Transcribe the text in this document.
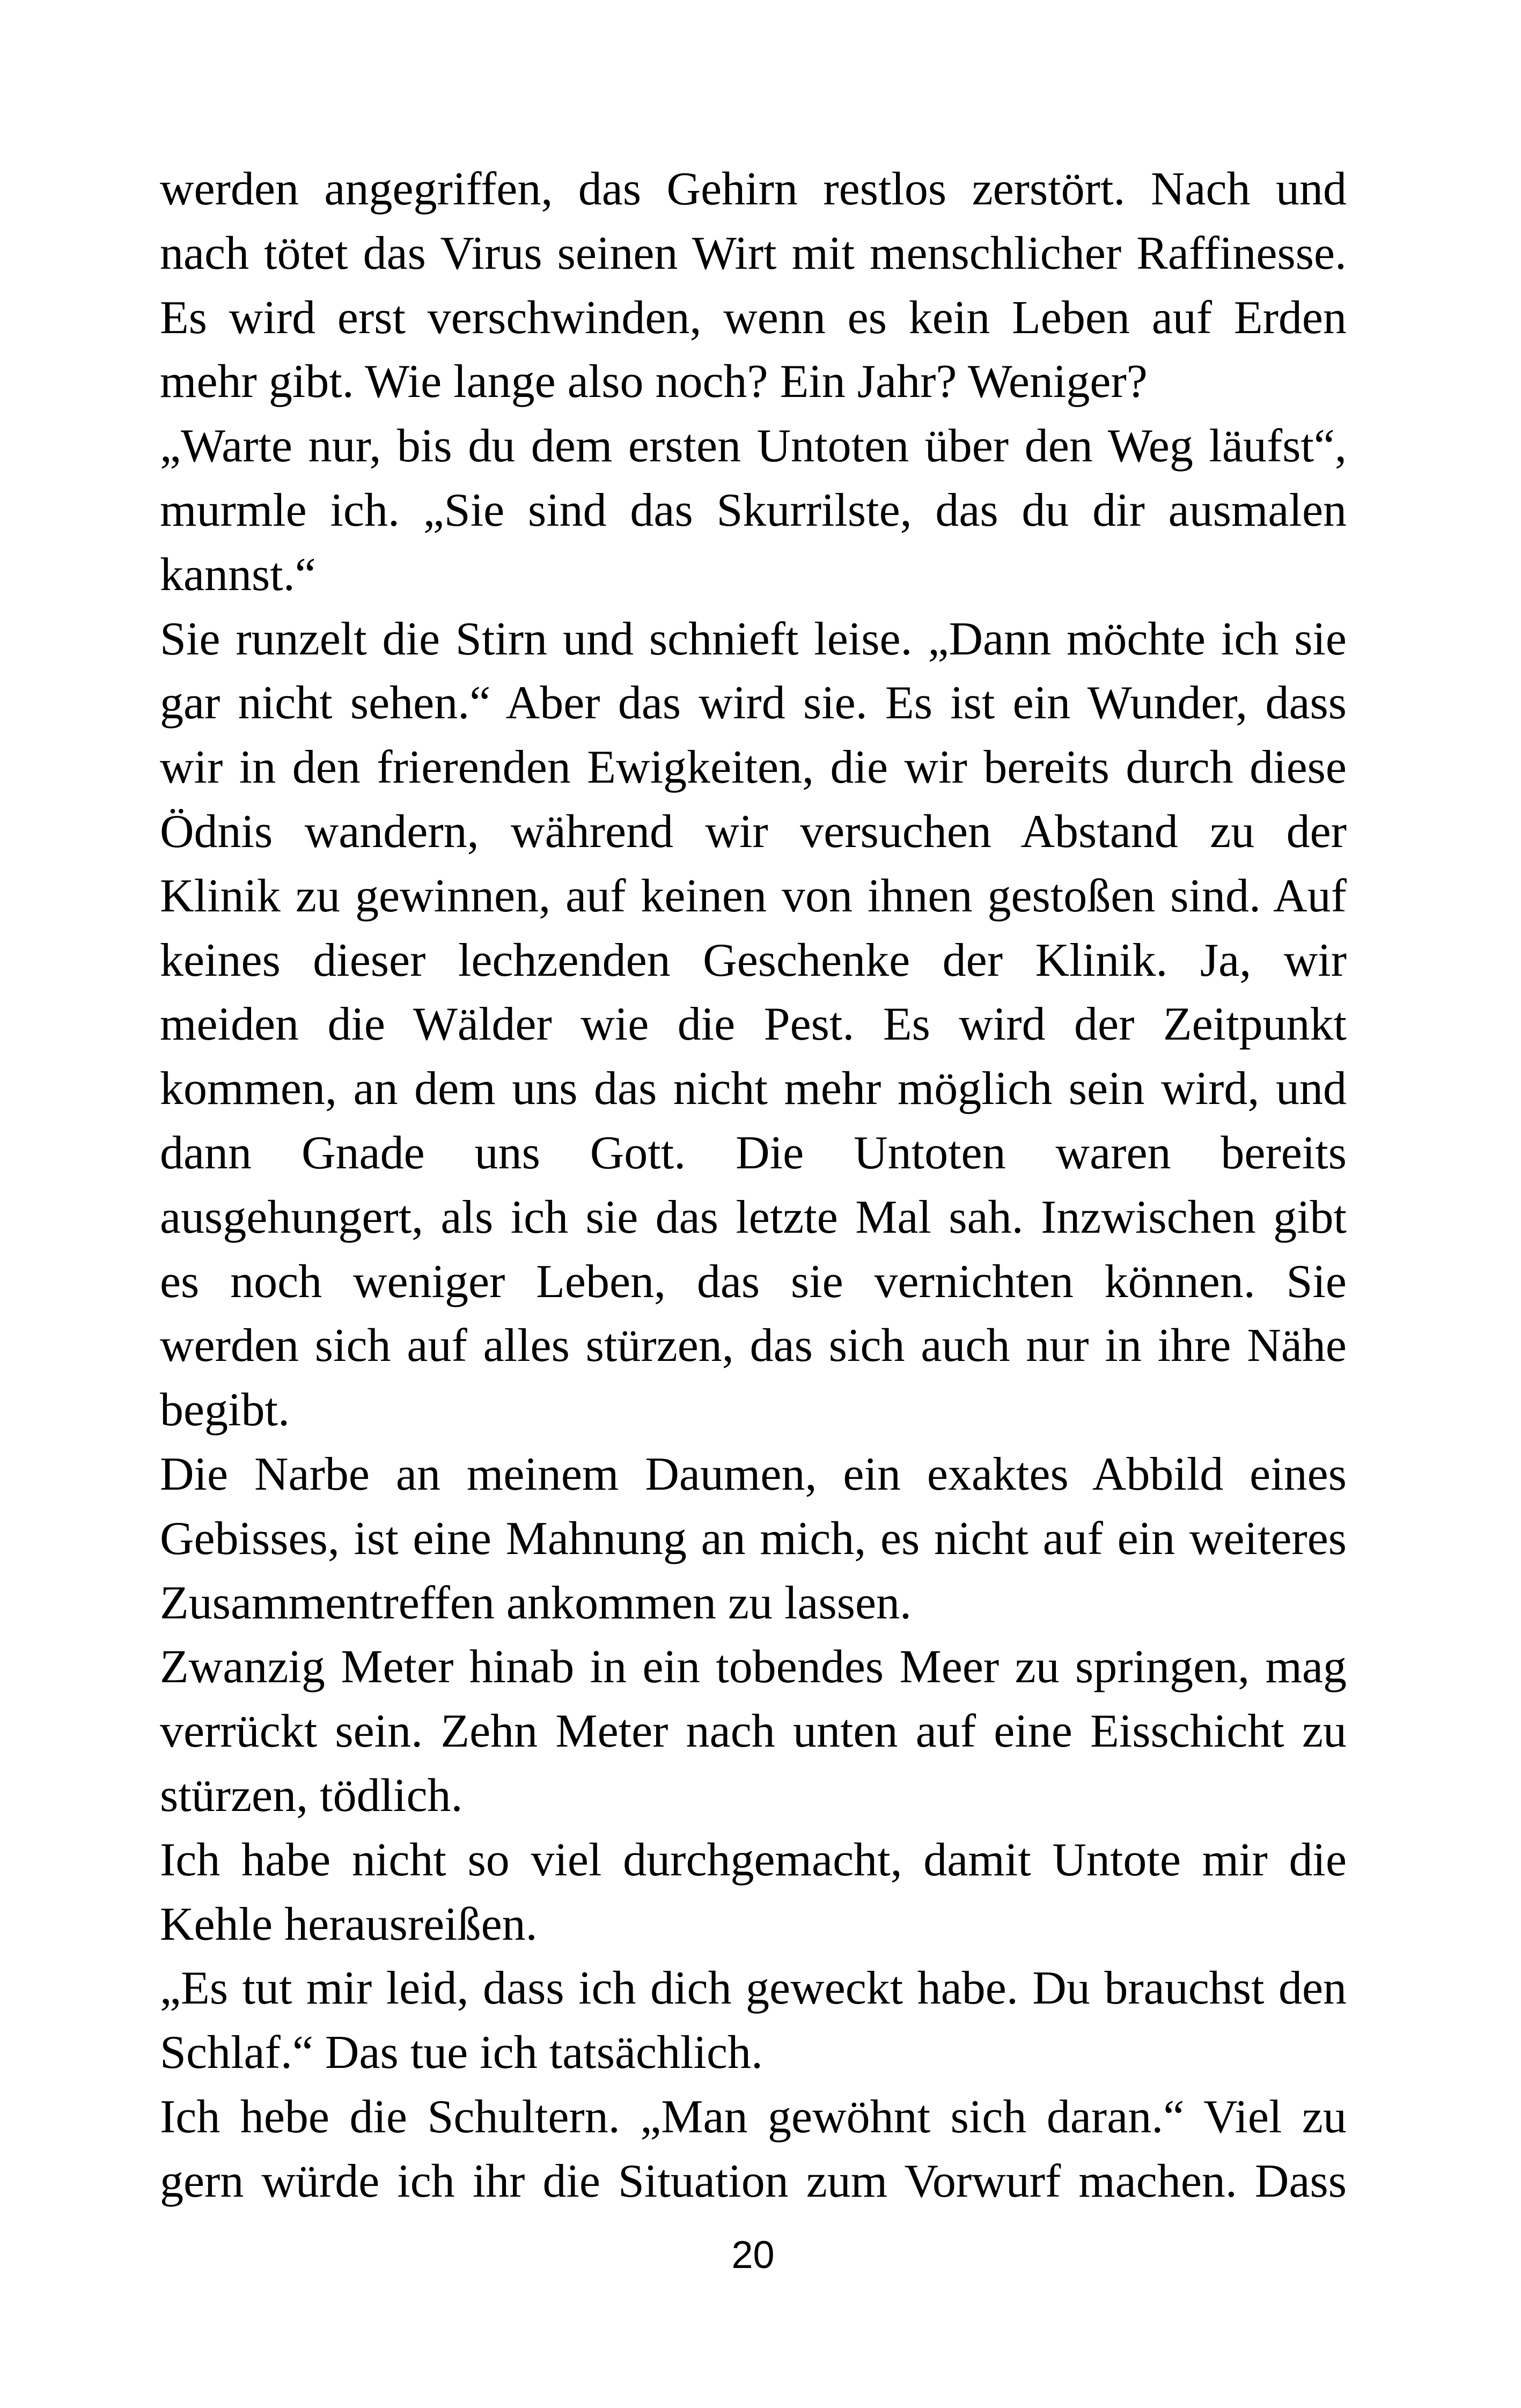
werden angegriffen, das Gehirn restlos zerstört. Nach und
nach tötet das Virus seinen Wirt mit menschlicher Raffinesse.
Es wird erst verschwinden, wenn es kein Leben auf Erden
mehr gibt. Wie lange also noch? Ein Jahr? Weniger?
„Warte nur, bis du dem ersten Untoten über den Weg läufst“,
murmle ich. „Sie sind das Skurrilste, das du dir ausmalen
kannst.“
Sie runzelt die Stirn und schnieft leise. „Dann möchte ich sie
gar nicht sehen.“ Aber das wird sie. Es ist ein Wunder, dass
wir in den frierenden Ewigkeiten, die wir bereits durch diese
Ödnis wandern, während wir versuchen Abstand zu der
Klinik zu gewinnen, auf keinen von ihnen gestoßen sind. Auf
keines dieser lechzenden Geschenke der Klinik. Ja, wir
meiden die Wälder wie die Pest. Es wird der Zeitpunkt
kommen, an dem uns das nicht mehr möglich sein wird, und
dann Gnade uns Gott. Die Untoten waren bereits
ausgehungert, als ich sie das letzte Mal sah. Inzwischen gibt
es noch weniger Leben, das sie vernichten können. Sie
werden sich auf alles stürzen, das sich auch nur in ihre Nähe
begibt.
Die Narbe an meinem Daumen, ein exaktes Abbild eines
Gebisses, ist eine Mahnung an mich, es nicht auf ein weiteres
Zusammentreffen ankommen zu lassen.
Zwanzig Meter hinab in ein tobendes Meer zu springen, mag
verrückt sein. Zehn Meter nach unten auf eine Eisschicht zu
stürzen, tödlich.
Ich habe nicht so viel durchgemacht, damit Untote mir die
Kehle herausreißen.
„Es tut mir leid, dass ich dich geweckt habe. Du brauchst den
Schlaf.“ Das tue ich tatsächlich.
Ich hebe die Schultern. „Man gewöhnt sich daran.“ Viel zu
gern würde ich ihr die Situation zum Vorwurf machen. Dass
20
